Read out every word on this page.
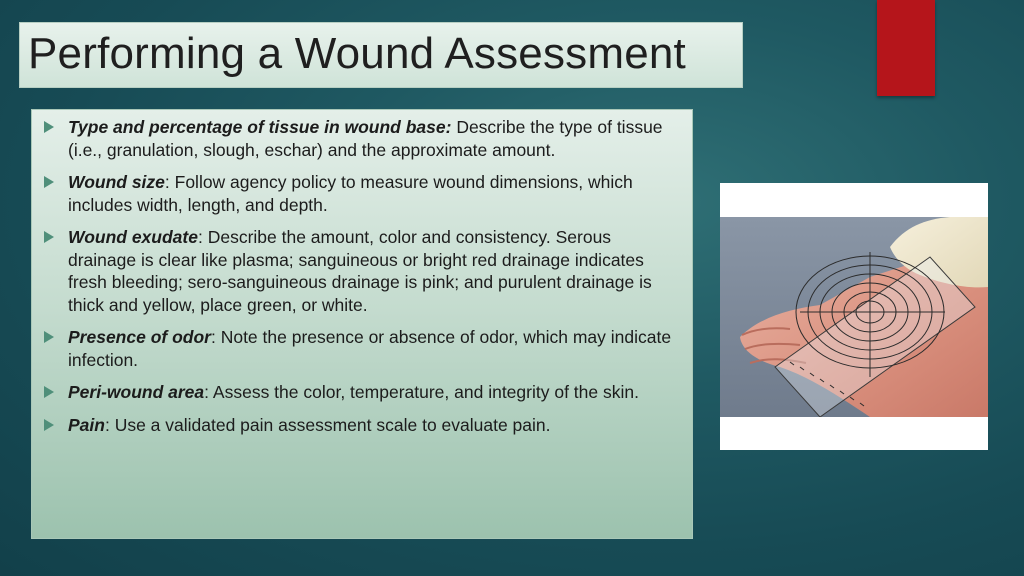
Performing a Wound Assessment
Type and percentage of tissue in wound base: Describe the type of tissue (i.e., granulation, slough, eschar) and the approximate amount.
Wound size: Follow agency policy to measure wound dimensions, which includes width, length, and depth.
Wound exudate: Describe the amount, color and consistency. Serous drainage is clear like plasma; sanguineous or bright red drainage indicates fresh bleeding; sero-sanguineous drainage is pink; and purulent drainage is thick and yellow, place green, or white.
Presence of odor: Note the presence or absence of odor, which may indicate infection.
Peri-wound area: Assess the color, temperature, and integrity of the skin.
Pain: Use a validated pain assessment scale to evaluate pain.
